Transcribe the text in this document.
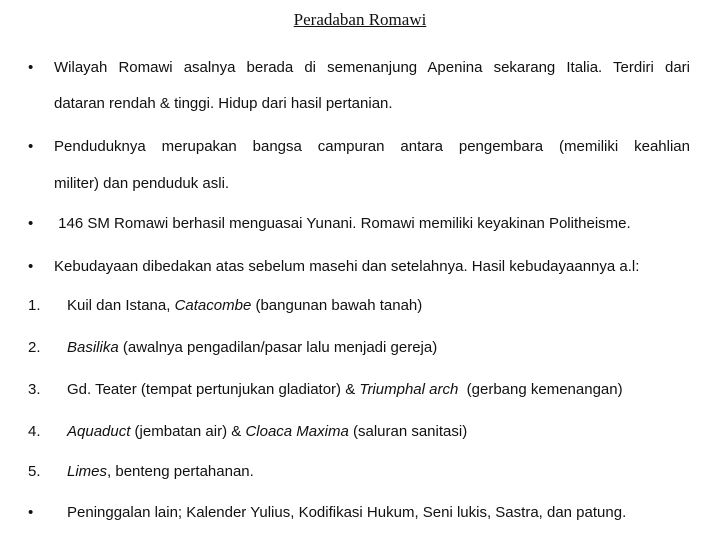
Peradaban Romawi
•	Wilayah Romawi asalnya berada di semenanjung Apenina sekarang Italia. Terdiri dari
dataran rendah & tinggi. Hidup dari hasil pertanian.
•	Penduduknya merupakan bangsa campuran antara pengembara (memiliki keahlian
militer) dan penduduk asli.
•	146 SM Romawi berhasil menguasai Yunani. Romawi memiliki keyakinan Politheisme.
•	Kebudayaan dibedakan atas sebelum masehi dan setelahnya. Hasil kebudayaannya a.l:
1.	Kuil dan Istana, Catacombe (bangunan bawah tanah)
2.	Basilika (awalnya pengadilan/pasar lalu menjadi gereja)
3.	Gd. Teater (tempat pertunjukan gladiator) & Triumphal arch  (gerbang kemenangan)
4.	Aquaduct (jembatan air) & Cloaca Maxima (saluran sanitasi)
5.	Limes, benteng pertahanan.
•	Peninggalan lain; Kalender Yulius, Kodifikasi Hukum, Seni lukis, Sastra, dan patung.
